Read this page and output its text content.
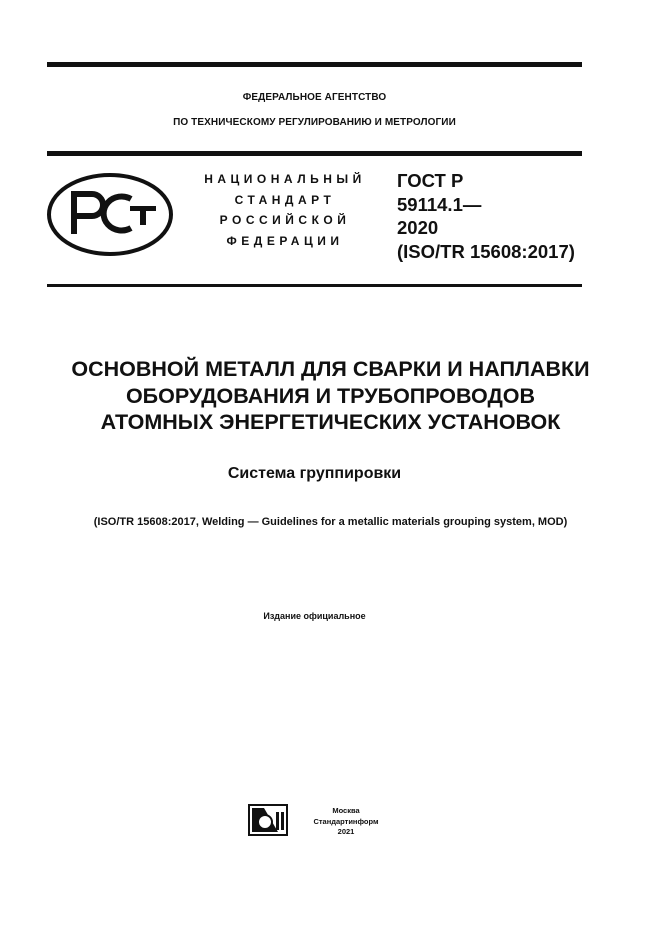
ФЕДЕРАЛЬНОЕ АГЕНТСТВО
ПО ТЕХНИЧЕСКОМУ РЕГУЛИРОВАНИЮ И МЕТРОЛОГИИ
НАЦИОНАЛЬНЫЙ
СТАНДАРТ
РОССИЙСКОЙ
ФЕДЕРАЦИИ
ГОСТ Р
59114.1—
2020
(ISO/TR 15608:2017)
ОСНОВНОЙ МЕТАЛЛ ДЛЯ СВАРКИ И НАПЛАВКИ
ОБОРУДОВАНИЯ И ТРУБОПРОВОДОВ
АТОМНЫХ ЭНЕРГЕТИЧЕСКИХ УСТАНОВОК
Система группировки
(ISO/TR 15608:2017, Welding — Guidelines for a metallic materials grouping system, MOD)
Издание официальное
Москва
Стандартинформ
2021
